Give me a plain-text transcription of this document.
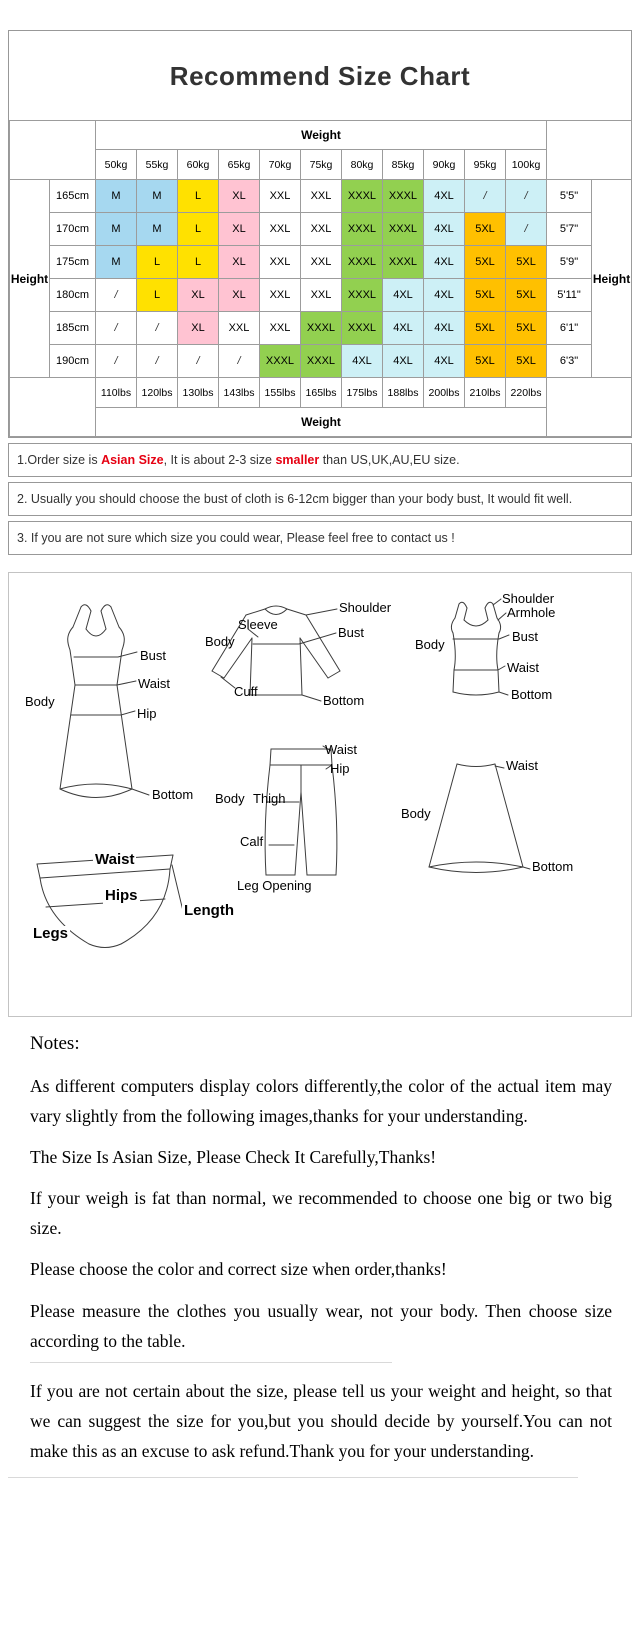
Recommend Size Chart
		Weight												
		50kg	55kg	60kg	65kg	70kg	75kg	80kg	85kg	90kg	95kg	100kg		
Height	165cm	M	M	L	XL	XXL	XXL	XXXL	XXXL	4XL	/	/	5'5"	Height
	170cm	M	M	L	XL	XXL	XXL	XXXL	XXXL	4XL	5XL	/	5'7"	
	175cm	M	L	L	XL	XXL	XXL	XXXL	XXXL	4XL	5XL	5XL	5'9"	
	180cm	/	L	XL	XL	XXL	XXL	XXXL	4XL	4XL	5XL	5XL	5'11"	
	185cm	/	/	XL	XXL	XXL	XXXL	XXXL	4XL	4XL	5XL	5XL	6'1"	
	190cm	/	/	/	/	XXXL	XXXL	4XL	4XL	4XL	5XL	5XL	6'3"	
		110lbs	120lbs	130lbs	143lbs	155lbs	165lbs	175lbs	188lbs	200lbs	210lbs	220lbs		
		Weight												
1.Order size is Asian Size, It is about 2-3 size smaller than US,UK,AU,EU size.
2. Usually you should choose the bust of cloth is 6-12cm bigger than your body bust, It would fit well.
3. If you are not sure which size you could wear, Please feel free to contact us !
Body
Bust
Waist
Hip
Bottom
Shoulder
Sleeve
Body
Bust
Cuff
Bottom
Shoulder
Armhole
Body
Bust
Waist
Bottom
Waist
Hip
Body Thigh
Calf
Leg Opening
Waist
Body
Bottom
Waist
Hips
Legs
Length
Notes:

As different computers display colors differently,the color of the actual item may vary slightly from the following images,thanks for your understanding.

The Size Is Asian Size, Please Check It Carefully,Thanks!

If your weigh is fat than normal, we recommended to choose one big or two big size.

Please choose the color and correct size when order,thanks!

Please measure the clothes you usually wear, not your body. Then choose size according to the table.

If you are not certain about the size, please tell us your weight and height, so that we can suggest the size for you,but you should decide by yourself.You can not make this as an excuse to ask refund.Thank you for your understanding.
